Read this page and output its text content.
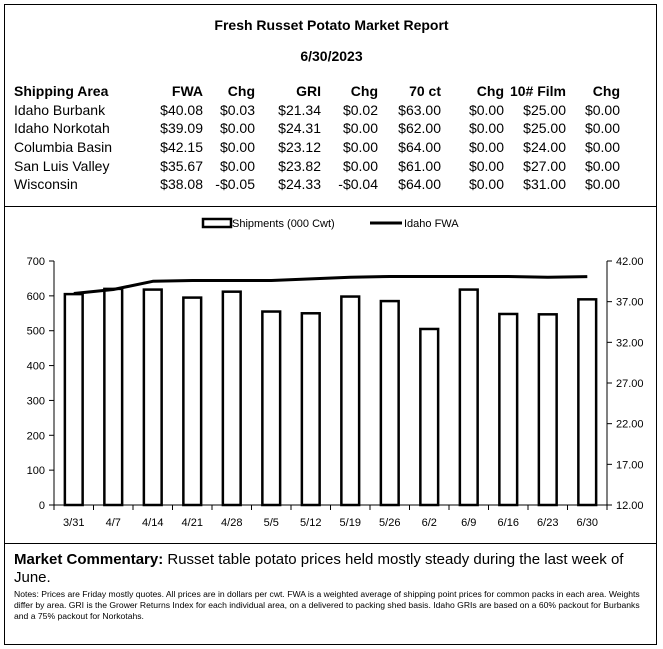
Fresh Russet Potato Market Report
6/30/2023
Shipping Area	FWA	Chg	GRI	Chg	70 ct	Chg	10# Film	Chg
Idaho Burbank	$40.08	$0.03	$21.34	$0.02	$63.00	$0.00	$25.00	$0.00
Idaho Norkotah	$39.09	$0.00	$24.31	$0.00	$62.00	$0.00	$25.00	$0.00
Columbia Basin	$42.15	$0.00	$23.12	$0.00	$64.00	$0.00	$24.00	$0.00
San Luis Valley	$35.67	$0.00	$23.82	$0.00	$61.00	$0.00	$27.00	$0.00
Wisconsin	$38.08	-$0.05	$24.33	-$0.04	$64.00	$0.00	$31.00	$0.00
Shipments (000 Cwt)	Idaho FWA
0
100
200
300
400
500
600
700
12.00
17.00
22.00
27.00
32.00
37.00
42.00
3/31 4/7 4/14 4/21 4/28 5/5 5/12 5/19 5/26 6/2 6/9 6/16 6/23 6/30
Market Commentary: Russet table potato prices held mostly steady during the last week of June.
Notes: Prices are Friday mostly quotes. All prices are in dollars per cwt. FWA is a weighted average of shipping point prices for common packs in each area. Weights differ by area. GRI is the Grower Returns Index for each individual area, on a delivered to packing shed basis. Idaho GRIs are based on a 60% packout for Burbanks and a 75% packout for Norkotahs.
